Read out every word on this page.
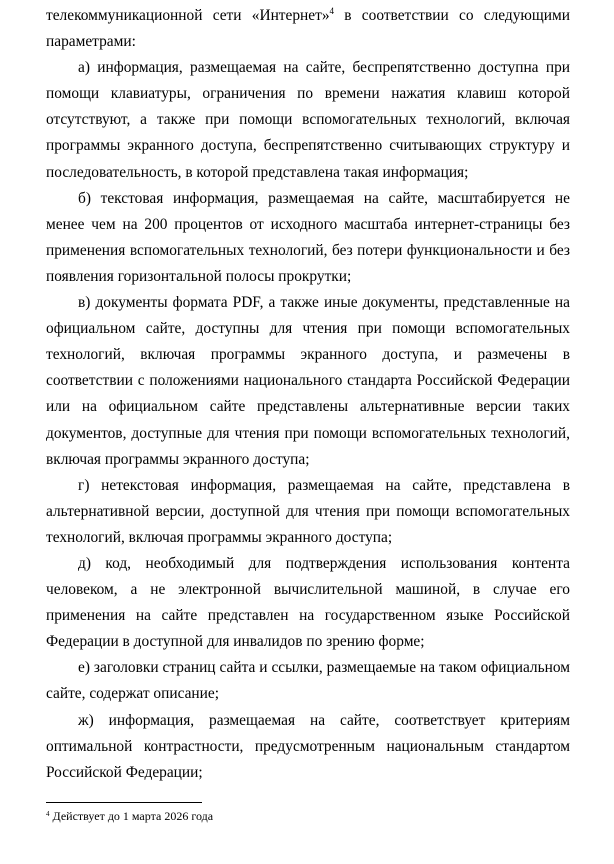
телекоммуникационной сети «Интернет»$^4$ в соответствии со следующими параметрами:

а) информация, размещаемая на сайте, беспрепятственно доступна при помощи клавиатуры, ограничения по времени нажатия клавиш которой отсутствуют, а также при помощи вспомогательных технологий, включая программы экранного доступа, беспрепятственно считывающих структуру и последовательность, в которой представлена такая информация;

б) текстовая информация, размещаемая на сайте, масштабируется не менее чем на 200 процентов от исходного масштаба интернет-страницы без применения вспомогательных технологий, без потери функциональности и без появления горизонтальной полосы прокрутки;

в) документы формата PDF, а также иные документы, представленные на официальном сайте, доступны для чтения при помощи вспомогательных технологий, включая программы экранного доступа, и размечены в соответствии с положениями национального стандарта Российской Федерации или на официальном сайте представлены альтернативные версии таких документов, доступные для чтения при помощи вспомогательных технологий, включая программы экранного доступа;

г) нетекстовая информация, размещаемая на сайте, представлена в альтернативной версии, доступной для чтения при помощи вспомогательных технологий, включая программы экранного доступа;

д) код, необходимый для подтверждения использования контента человеком, а не электронной вычислительной машиной, в случае его применения на сайте представлен на государственном языке Российской Федерации в доступной для инвалидов по зрению форме;

е) заголовки страниц сайта и ссылки, размещаемые на таком официальном сайте, содержат описание;

ж) информация, размещаемая на сайте, соответствует критериям оптимальной контрастности, предусмотренным национальным стандартом Российской Федерации;

$^4$ Действует до 1 марта 2026 года
